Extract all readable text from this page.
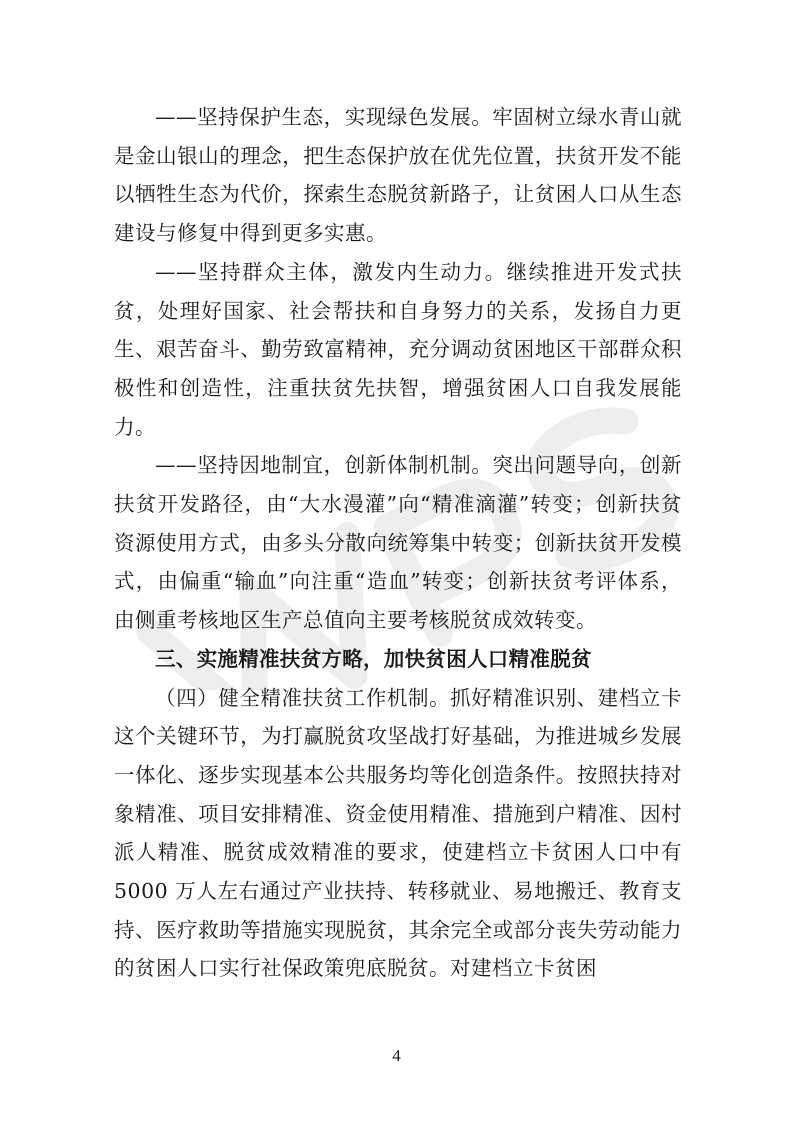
——坚持保护生态，实现绿色发展。牢固树立绿水青山就是金山银山的理念，把生态保护放在优先位置，扶贫开发不能以牺牲生态为代价，探索生态脱贫新路子，让贫困人口从生态建设与修复中得到更多实惠。

——坚持群众主体，激发内生动力。继续推进开发式扶贫，处理好国家、社会帮扶和自身努力的关系，发扬自力更生、艰苦奋斗、勤劳致富精神，充分调动贫困地区干部群众积极性和创造性，注重扶贫先扶智，增强贫困人口自我发展能力。

——坚持因地制宜，创新体制机制。突出问题导向，创新扶贫开发路径，由“大水漫灌”向“精准滴灌”转变；创新扶贫资源使用方式，由多头分散向统筹集中转变；创新扶贫开发模式，由偏重“输血”向注重“造血”转变；创新扶贫考评体系，由侧重考核地区生产总值向主要考核脱贫成效转变。

三、实施精准扶贫方略，加快贫困人口精准脱贫

（四）健全精准扶贫工作机制。抓好精准识别、建档立卡这个关键环节，为打赢脱贫攻坚战打好基础，为推进城乡发展一体化、逐步实现基本公共服务均等化创造条件。按照扶持对象精准、项目安排精准、资金使用精准、措施到户精准、因村派人精准、脱贫成效精准的要求，使建档立卡贫困人口中有 5000 万人左右通过产业扶持、转移就业、易地搬迁、教育支持、医疗救助等措施实现脱贫，其余完全或部分丧失劳动能力的贫困人口实行社保政策兜底脱贫。对建档立卡贫困

4
